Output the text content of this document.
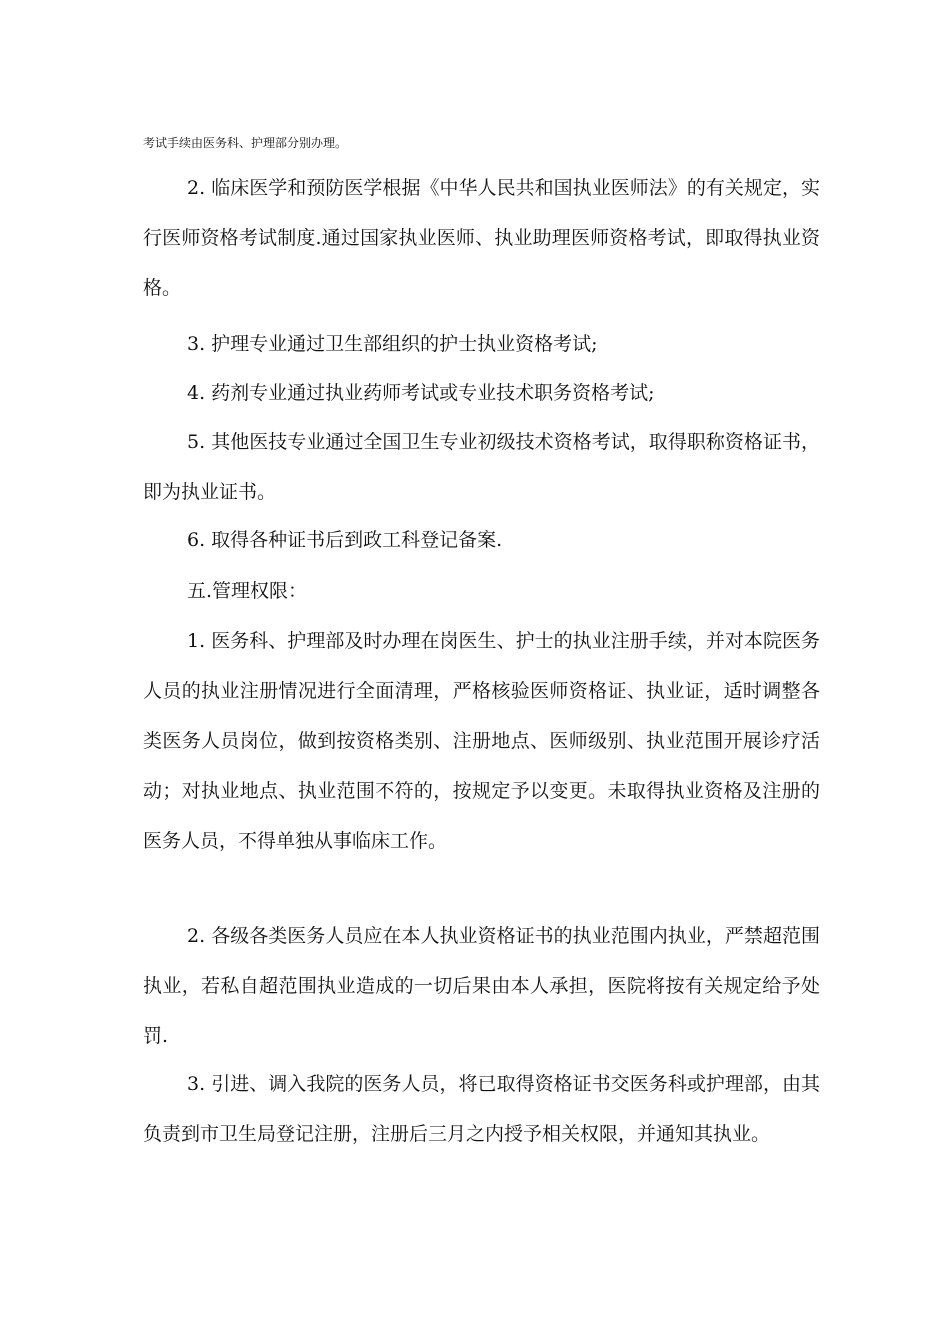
考试手续由医务科、护理部分别办理。

2. 临床医学和预防医学根据《中华人民共和国执业医师法》的有关规定，实行医师资格考试制度.通过国家执业医师、执业助理医师资格考试，即取得执业资格。

3. 护理专业通过卫生部组织的护士执业资格考试;

4. 药剂专业通过执业药师考试或专业技术职务资格考试;

5. 其他医技专业通过全国卫生专业初级技术资格考试，取得职称资格证书，即为执业证书。

6. 取得各种证书后到政工科登记备案.

五.管理权限：

1. 医务科、护理部及时办理在岗医生、护士的执业注册手续，并对本院医务人员的执业注册情况进行全面清理，严格核验医师资格证、执业证，适时调整各类医务人员岗位，做到按资格类别、注册地点、医师级别、执业范围开展诊疗活动；对执业地点、执业范围不符的，按规定予以变更。未取得执业资格及注册的医务人员，不得单独从事临床工作。

2. 各级各类医务人员应在本人执业资格证书的执业范围内执业，严禁超范围执业，若私自超范围执业造成的一切后果由本人承担，医院将按有关规定给予处罚.

3. 引进、调入我院的医务人员，将已取得资格证书交医务科或护理部，由其负责到市卫生局登记注册，注册后三月之内授予相关权限，并通知其执业。
